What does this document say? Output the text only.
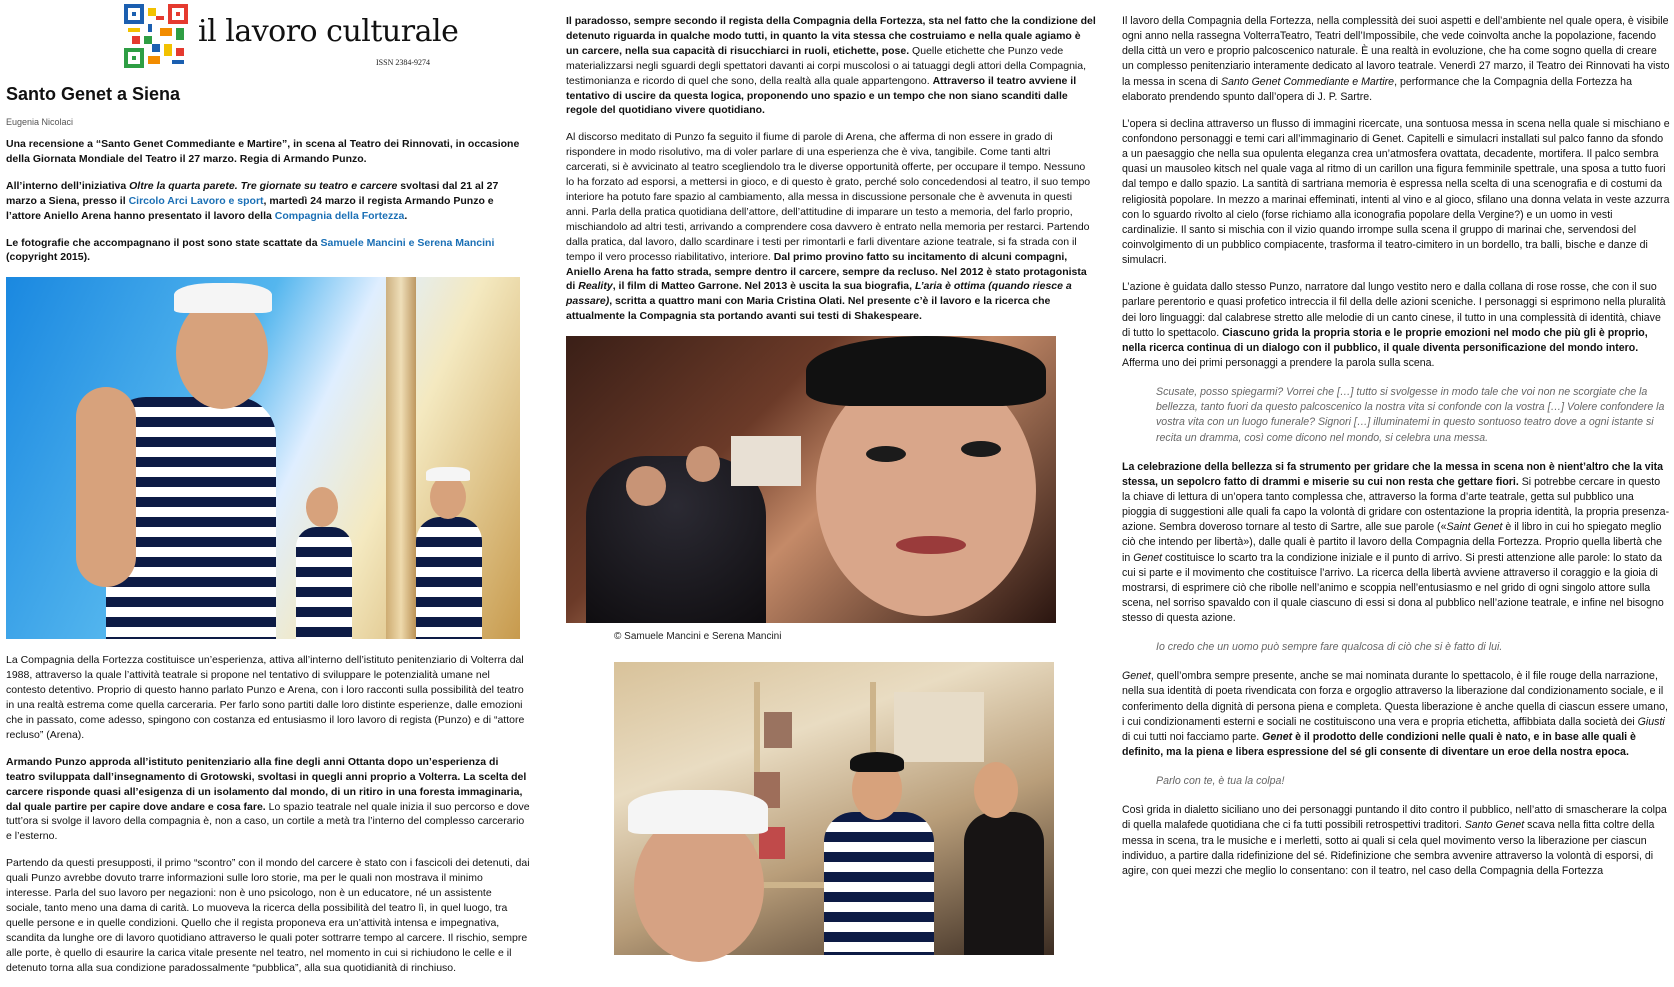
il lavoro culturale
ISSN 2384-9274
Santo Genet a Siena
Eugenia Nicolaci

Una recensione a “Santo Genet Commediante e Martire”, in scena al Teatro dei Rinnovati, in occasione della Giornata Mondiale del Teatro il 27 marzo. Regia di Armando Punzo.

All’interno dell’iniziativa Oltre la quarta parete. Tre giornate su teatro e carcere svoltasi dal 21 al 27 marzo a Siena, presso il Circolo Arci Lavoro e sport, martedì 24 marzo il regista Armando Punzo e l’attore Aniello Arena hanno presentato il lavoro della Compagnia della Fortezza.

Le fotografie che accompagnano il post sono state scattate da Samuele Mancini e Serena Mancini (copyright 2015).

La Compagnia della Fortezza costituisce un’esperienza, attiva all’interno dell’istituto penitenziario di Volterra dal 1988, attraverso la quale l’attività teatrale si propone nel tentativo di sviluppare le potenzialità umane nel contesto detentivo. Proprio di questo hanno parlato Punzo e Arena, con i loro racconti sulla possibilità del teatro in una realtà estrema come quella carceraria. Per farlo sono partiti dalle loro distinte esperienze, dalle emozioni che in passato, come adesso, spingono con costanza ed entusiasmo il loro lavoro di regista (Punzo) e di “attore recluso” (Arena).

Armando Punzo approda all’istituto penitenziario alla fine degli anni Ottanta dopo un’esperienza di teatro sviluppata dall’insegnamento di Grotowski, svoltasi in quegli anni proprio a Volterra. La scelta del carcere risponde quasi all’esigenza di un isolamento dal mondo, di un ritiro in una foresta immaginaria, dal quale partire per capire dove andare e cosa fare. Lo spazio teatrale nel quale inizia il suo percorso e dove tutt’ora si svolge il lavoro della compagnia è, non a caso, un cortile a metà tra l’interno del complesso carcerario e l’esterno.

Partendo da questi presupposti, il primo “scontro” con il mondo del carcere è stato con i fascicoli dei detenuti, dai quali Punzo avrebbe dovuto trarre informazioni sulle loro storie, ma per le quali non mostrava il minimo interesse. Parla del suo lavoro per negazioni: non è uno psicologo, non è un educatore, né un assistente sociale, tanto meno una dama di carità. Lo muoveva la ricerca della possibilità del teatro lì, in quel luogo, tra quelle persone e in quelle condizioni. Quello che il regista proponeva era un’attività intensa e impegnativa, scandita da lunghe ore di lavoro quotidiano attraverso le quali poter sottrarre tempo al carcere. Il rischio, sempre alle porte, è quello di esaurire la carica vitale presente nel teatro, nel momento in cui si richiudono le celle e il detenuto torna alla sua condizione paradossalmente “pubblica”, alla sua quotidianità di rinchiuso.

Il paradosso, sempre secondo il regista della Compagnia della Fortezza, sta nel fatto che la condizione del detenuto riguarda in qualche modo tutti, in quanto la vita stessa che costruiamo e nella quale agiamo è un carcere, nella sua capacità di risucchiarci in ruoli, etichette, pose. Quelle etichette che Punzo vede materializzarsi negli sguardi degli spettatori davanti ai corpi muscolosi o ai tatuaggi degli attori della Compagnia, testimonianza e ricordo di quel che sono, della realtà alla quale appartengono. Attraverso il teatro avviene il tentativo di uscire da questa logica, proponendo uno spazio e un tempo che non siano scanditi dalle regole del quotidiano vivere quotidiano.

Al discorso meditato di Punzo fa seguito il fiume di parole di Arena, che afferma di non essere in grado di rispondere in modo risolutivo, ma di voler parlare di una esperienza che è viva, tangibile. Come tanti altri carcerati, si è avvicinato al teatro scegliendolo tra le diverse opportunità offerte, per occupare il tempo. Nessuno lo ha forzato ad esporsi, a mettersi in gioco, e di questo è grato, perché solo concedendosi al teatro, il suo tempo interiore ha potuto fare spazio al cambiamento, alla messa in discussione personale che è avvenuta in questi anni. Parla della pratica quotidiana dell’attore, dell’attitudine di imparare un testo a memoria, del farlo proprio, mischiandolo ad altri testi, arrivando a comprendere cosa davvero è entrato nella memoria per restarci. Partendo dalla pratica, dal lavoro, dallo scardinare i testi per rimontarli e farli diventare azione teatrale, si fa strada con il tempo il vero processo riabilitativo, interiore. Dal primo provino fatto su incitamento di alcuni compagni, Aniello Arena ha fatto strada, sempre dentro il carcere, sempre da recluso. Nel 2012 è stato protagonista di Reality, il film di Matteo Garrone. Nel 2013 è uscita la sua biografia, L’aria è ottima (quando riesce a passare), scritta a quattro mani con Maria Cristina Olati. Nel presente c’è il lavoro e la ricerca che attualmente la Compagnia sta portando avanti sui testi di Shakespeare.

© Samuele Mancini e Serena Mancini

Il lavoro della Compagnia della Fortezza, nella complessità dei suoi aspetti e dell’ambiente nel quale opera, è visibile ogni anno nella rassegna VolterraTeatro, Teatri dell’Impossibile, che vede coinvolta anche la popolazione, facendo della città un vero e proprio palcoscenico naturale. È una realtà in evoluzione, che ha come sogno quella di creare un complesso penitenziario interamente dedicato al lavoro teatrale. Venerdì 27 marzo, il Teatro dei Rinnovati ha visto la messa in scena di Santo Genet Commediante e Martire, performance che la Compagnia della Fortezza ha elaborato prendendo spunto dall’opera di J. P. Sartre.

L’opera si declina attraverso un flusso di immagini ricercate, una sontuosa messa in scena nella quale si mischiano e confondono personaggi e temi cari all’immaginario di Genet. Capitelli e simulacri installati sul palco fanno da sfondo a un paesaggio che nella sua opulenta eleganza crea un’atmosfera ovattata, decadente, mortifera. Il palco sembra quasi un mausoleo kitsch nel quale vaga al ritmo di un carillon una figura femminile spettrale, una sposa a tutto fuori dal tempo e dallo spazio. La santità di sartriana memoria è espressa nella scelta di una scenografia e di costumi da religiosità popolare. In mezzo a marinai effeminati, intenti al vino e al gioco, sfilano una donna velata in veste azzurra con lo sguardo rivolto al cielo (forse richiamo alla iconografia popolare della Vergine?) e un uomo in vesti cardinalizie. Il santo si mischia con il vizio quando irrompe sulla scena il gruppo di marinai che, servendosi del coinvolgimento di un pubblico compiacente, trasforma il teatro-cimitero in un bordello, tra balli, bische e danze di simulacri.

L’azione è guidata dallo stesso Punzo, narratore dal lungo vestito nero e dalla collana di rose rosse, che con il suo parlare perentorio e quasi profetico intreccia il fil della delle azioni sceniche. I personaggi si esprimono nella pluralità dei loro linguaggi: dal calabrese stretto alle melodie di un canto cinese, il tutto in una complessità di identità, chiave di tutto lo spettacolo. Ciascuno grida la propria storia e le proprie emozioni nel modo che più gli è proprio, nella ricerca continua di un dialogo con il pubblico, il quale diventa personificazione del mondo intero. Afferma uno dei primi personaggi a prendere la parola sulla scena.

Scusate, posso spiegarmi? Vorrei che […] tutto si svolgesse in modo tale che voi non ne scorgiate che la bellezza, tanto fuori da questo palcoscenico la nostra vita si confonde con la vostra […] Volere confondere la vostra vita con un luogo funerale? Signori […] illuminatemi in questo sontuoso teatro dove a ogni istante si recita un dramma, così come dicono nel mondo, si celebra una messa.

La celebrazione della bellezza si fa strumento per gridare che la messa in scena non è nient’altro che la vita stessa, un sepolcro fatto di drammi e miserie su cui non resta che gettare fiori. Si potrebbe cercare in questo la chiave di lettura di un’opera tanto complessa che, attraverso la forma d’arte teatrale, getta sul pubblico una pioggia di suggestioni alle quali fa capo la volontà di gridare con ostentazione la propria identità, la propria presenza-azione. Sembra doveroso tornare al testo di Sartre, alle sue parole («Saint Genet è il libro in cui ho spiegato meglio ciò che intendo per libertà»), dalle quali è partito il lavoro della Compagnia della Fortezza. Proprio quella libertà che in Genet costituisce lo scarto tra la condizione iniziale e il punto di arrivo. Si presti attenzione alle parole: lo stato da cui si parte e il movimento che costituisce l’arrivo. La ricerca della libertà avviene attraverso il coraggio e la gioia di mostrarsi, di esprimere ciò che ribolle nell’animo e scoppia nell’entusiasmo e nel grido di ogni singolo attore sulla scena, nel sorriso spavaldo con il quale ciascuno di essi si dona al pubblico nell’azione teatrale, e infine nel bisogno stesso di questa azione.

Io credo che un uomo può sempre fare qualcosa di ciò che si è fatto di lui.

Genet, quell’ombra sempre presente, anche se mai nominata durante lo spettacolo, è il file rouge della narrazione, nella sua identità di poeta rivendicata con forza e orgoglio attraverso la liberazione dal condizionamento sociale, e il conferimento della dignità di persona piena e completa. Questa liberazione è anche quella di ciascun essere umano, i cui condizionamenti esterni e sociali ne costituiscono una vera e propria etichetta, affibbiata dalla società dei Giusti di cui tutti noi facciamo parte. Genet è il prodotto delle condizioni nelle quali è nato, e in base alle quali è definito, ma la piena e libera espressione del sé gli consente di diventare un eroe della nostra epoca.

Parlo con te, è tua la colpa!

Così grida in dialetto siciliano uno dei personaggi puntando il dito contro il pubblico, nell’atto di smascherare la colpa di quella malafede quotidiana che ci fa tutti possibili retrospettivi traditori. Santo Genet scava nella fitta coltre della messa in scena, tra le musiche e i merletti, sotto ai quali si cela quel movimento verso la liberazione per ciascun individuo, a partire dalla ridefinizione del sé. Ridefinizione che sembra avvenire attraverso la volontà di esporsi, di agire, con quei mezzi che meglio lo consentano: con il teatro, nel caso della Compagnia della Fortezza
